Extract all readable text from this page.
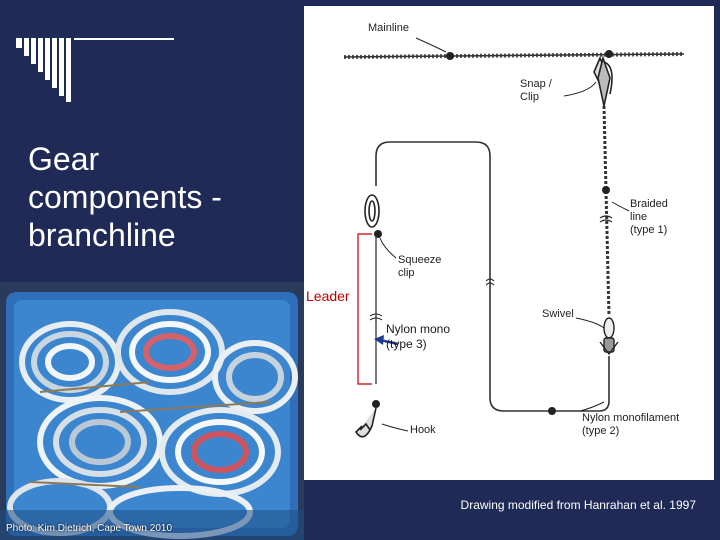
Gear
components -
branchline
Photo: Kim Dietrich, Cape Town 2010
Mainline
Snap /
Clip
Braided
line
(type 1)
Squeeze
clip
Swivel
Nylon monofilament
(type 2)
Hook
Leader
Nylon mono
(type 3)
Drawing modified from Hanrahan et al. 1997
